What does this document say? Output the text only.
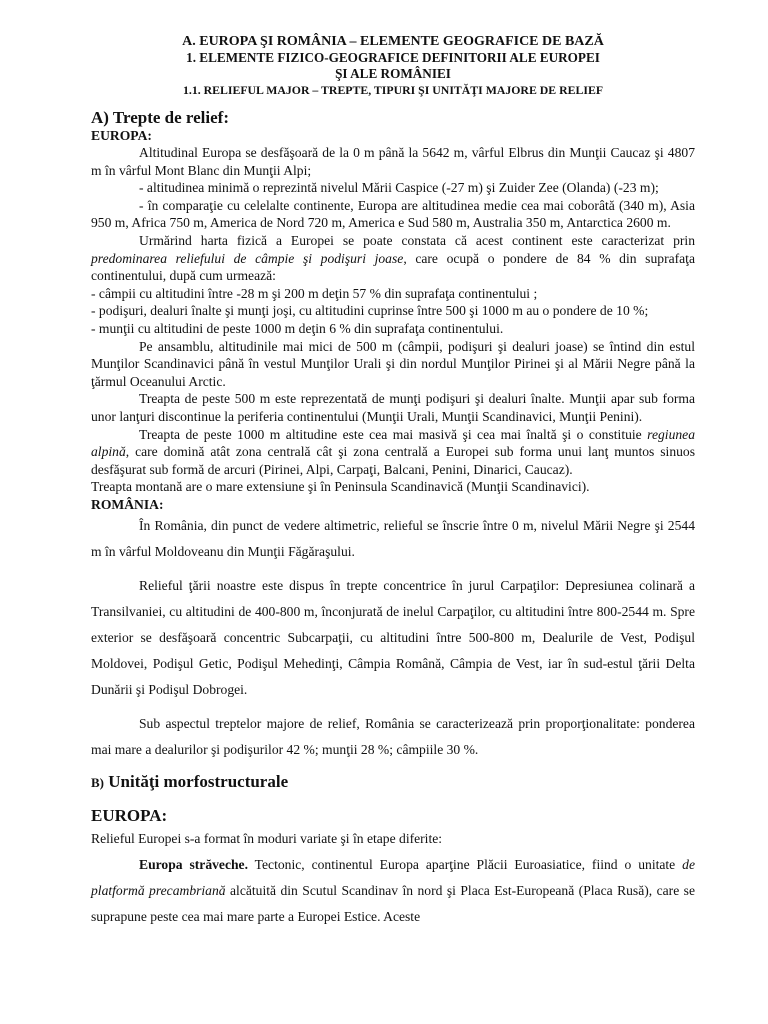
A. EUROPA ŞI ROMÂNIA – ELEMENTE GEOGRAFICE DE BAZĂ
1. ELEMENTE FIZICO-GEOGRAFICE DEFINITORII ALE EUROPEI
ŞI ALE ROMÂNIEI
1.1. RELIEFUL MAJOR – TREPTE, TIPURI ŞI UNITĂŢI MAJORE DE RELIEF
A) Trepte de relief:
EUROPA:

Altitudinal Europa se desfăşoară de la 0 m până la 5642 m, vârful Elbrus din Munţii Caucaz şi 4807 m în vârful Mont Blanc din Munţii Alpi;

- altitudinea minimă o reprezintă nivelul Mării Caspice (-27 m) şi Zuider Zee (Olanda) (-23 m);

- în comparaţie cu celelalte continente, Europa are altitudinea medie cea mai coborâtă (340 m), Asia 950 m, Africa 750 m, America de Nord 720 m, America e Sud 580 m, Australia 350 m, Antarctica 2600 m.

Urmărind harta fizică a Europei se poate constata că acest continent este caracterizat prin predominarea reliefului de câmpie şi podişuri joase, care ocupă o pondere de 84 % din suprafaţa continentului, după cum urmează:

- câmpii cu altitudini între -28 m şi 200 m deţin 57 % din suprafaţa continentului ;

- podişuri, dealuri înalte şi munţi joşi, cu altitudini cuprinse între 500 şi 1000 m au o pondere de 10 %;

- munţii cu altitudini de peste 1000 m deţin 6 % din suprafaţa continentului.

Pe ansamblu, altitudinile mai mici de 500 m (câmpii, podişuri şi dealuri joase) se întind din estul Munţilor Scandinavici până în vestul Munţilor Urali şi din nordul Munţilor Pirinei şi al Mării Negre până la ţărmul Oceanului Arctic.

Treapta de peste 500 m este reprezentată de munţi podişuri şi dealuri înalte. Munţii apar sub forma unor lanţuri discontinue la periferia continentului (Munţii Urali, Munţii Scandinavici, Munţii Penini).

Treapta de peste 1000 m altitudine este cea mai masivă şi cea mai înaltă şi o constituie regiunea alpină, care domină atât zona centrală cât şi zona centrală a Europei sub forma unui lanţ muntos sinuos desfăşurat sub formă de arcuri (Pirinei, Alpi, Carpaţi, Balcani, Penini, Dinarici, Caucaz).

Treapta montană are o mare extensiune şi în Peninsula Scandinavică (Munţii Scandinavici).

ROMÂNIA:

În România, din punct de vedere altimetric, relieful se înscrie între 0 m, nivelul Mării Negre şi 2544 m în vârful Moldoveanu din Munţii Făgăraşului.

Relieful ţării noastre este dispus în trepte concentrice în jurul Carpaţilor: Depresiunea colinară a Transilvaniei, cu altitudini de 400-800 m, înconjurată de inelul Carpaţilor, cu altitudini între 800-2544 m. Spre exterior se desfăşoară concentric Subcarpaţii, cu altitudini între 500-800 m, Dealurile de Vest, Podişul Moldovei, Podişul Getic, Podişul Mehedinţi, Câmpia Română, Câmpia de Vest, iar în sud-estul ţării Delta Dunării şi Podişul Dobrogei.

Sub aspectul treptelor majore de relief, România se caracterizează prin proporţionalitate: ponderea mai mare a dealurilor şi podişurilor 42 %; munţii 28 %; câmpiile 30 %.

B) Unităţi morfostructurale
EUROPA:

Relieful Europei s-a format în moduri variate şi în etape diferite:

Europa străveche. Tectonic, continentul Europa aparţine Plăcii Euroasiatice, fiind o unitate de platformă precambriană alcătuită din Scutul Scandinav în nord şi Placa Est-Europeană (Placa Rusă), care se suprapune peste cea mai mare parte a Europei Estice. Aceste
